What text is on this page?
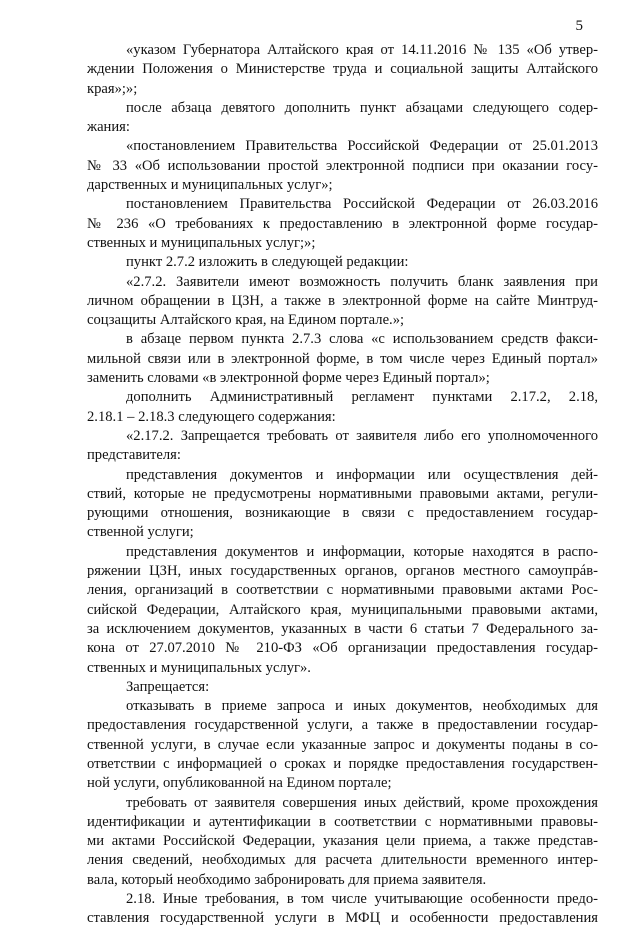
5
«указом Губернатора Алтайского края от 14.11.2016 № 135 «Об утвер-
ждении Положения о Министерстве труда и социальной защиты Алтайского
края»;»;
после абзаца девятого дополнить пункт абзацами следующего содер-
жания:
«постановлением Правительства Российской Федерации от 25.01.2013
№ 33 «Об использовании простой электронной подписи при оказании госу-
дарственных и муниципальных услуг»;
постановлением Правительства Российской Федерации от 26.03.2016
№ 236 «О требованиях к предоставлению в электронной форме государ-
ственных и муниципальных услуг;»;
пункт 2.7.2 изложить в следующей редакции:
«2.7.2. Заявители имеют возможность получить бланк заявления при
личном обращении в ЦЗН, а также в электронной форме на сайте Минтруд-
соцзащиты Алтайского края, на Едином портале.»;
в абзаце первом пункта 2.7.3 слова «с использованием средств факси-
мильной связи или в электронной форме, в том числе через Единый портал»
заменить словами «в электронной форме через Единый портал»;
дополнить Административный регламент пунктами 2.17.2, 2.18,
2.18.1 – 2.18.3 следующего содержания:
«2.17.2. Запрещается требовать от заявителя либо его уполномоченного
представителя:
представления документов и информации или осуществления дей-
ствий, которые не предусмотрены нормативными правовыми актами, регули-
рующими отношения, возникающие в связи с предоставлением государ-
ственной услуги;
представления документов и информации, которые находятся в распо-
ряжении ЦЗН, иных государственных органов, органов местного самоупрáв-
ления, организаций в соответствии с нормативными правовыми актами Рос-
сийской Федерации, Алтайского края, муниципальными правовыми актами,
за исключением документов, указанных в части 6 статьи 7 Федерального за-
кона от 27.07.2010 № 210-ФЗ «Об организации предоставления государ-
ственных и муниципальных услуг».
Запрещается:
отказывать в приеме запроса и иных документов, необходимых для
предоставления государственной услуги, а также в предоставлении государ-
ственной услуги, в случае если указанные запрос и документы поданы в со-
ответствии с информацией о сроках и порядке предоставления государствен-
ной услуги, опубликованной на Едином портале;
требовать от заявителя совершения иных действий, кроме прохождения
идентификации и аутентификации в соответствии с нормативными правовы-
ми актами Российской Федерации, указания цели приема, а также представ-
ления сведений, необходимых для расчета длительности временного интер-
вала, который необходимо забронировать для приема заявителя.
2.18. Иные требования, в том числе учитывающие особенности предо-
ставления государственной услуги в МФЦ и особенности предоставления
